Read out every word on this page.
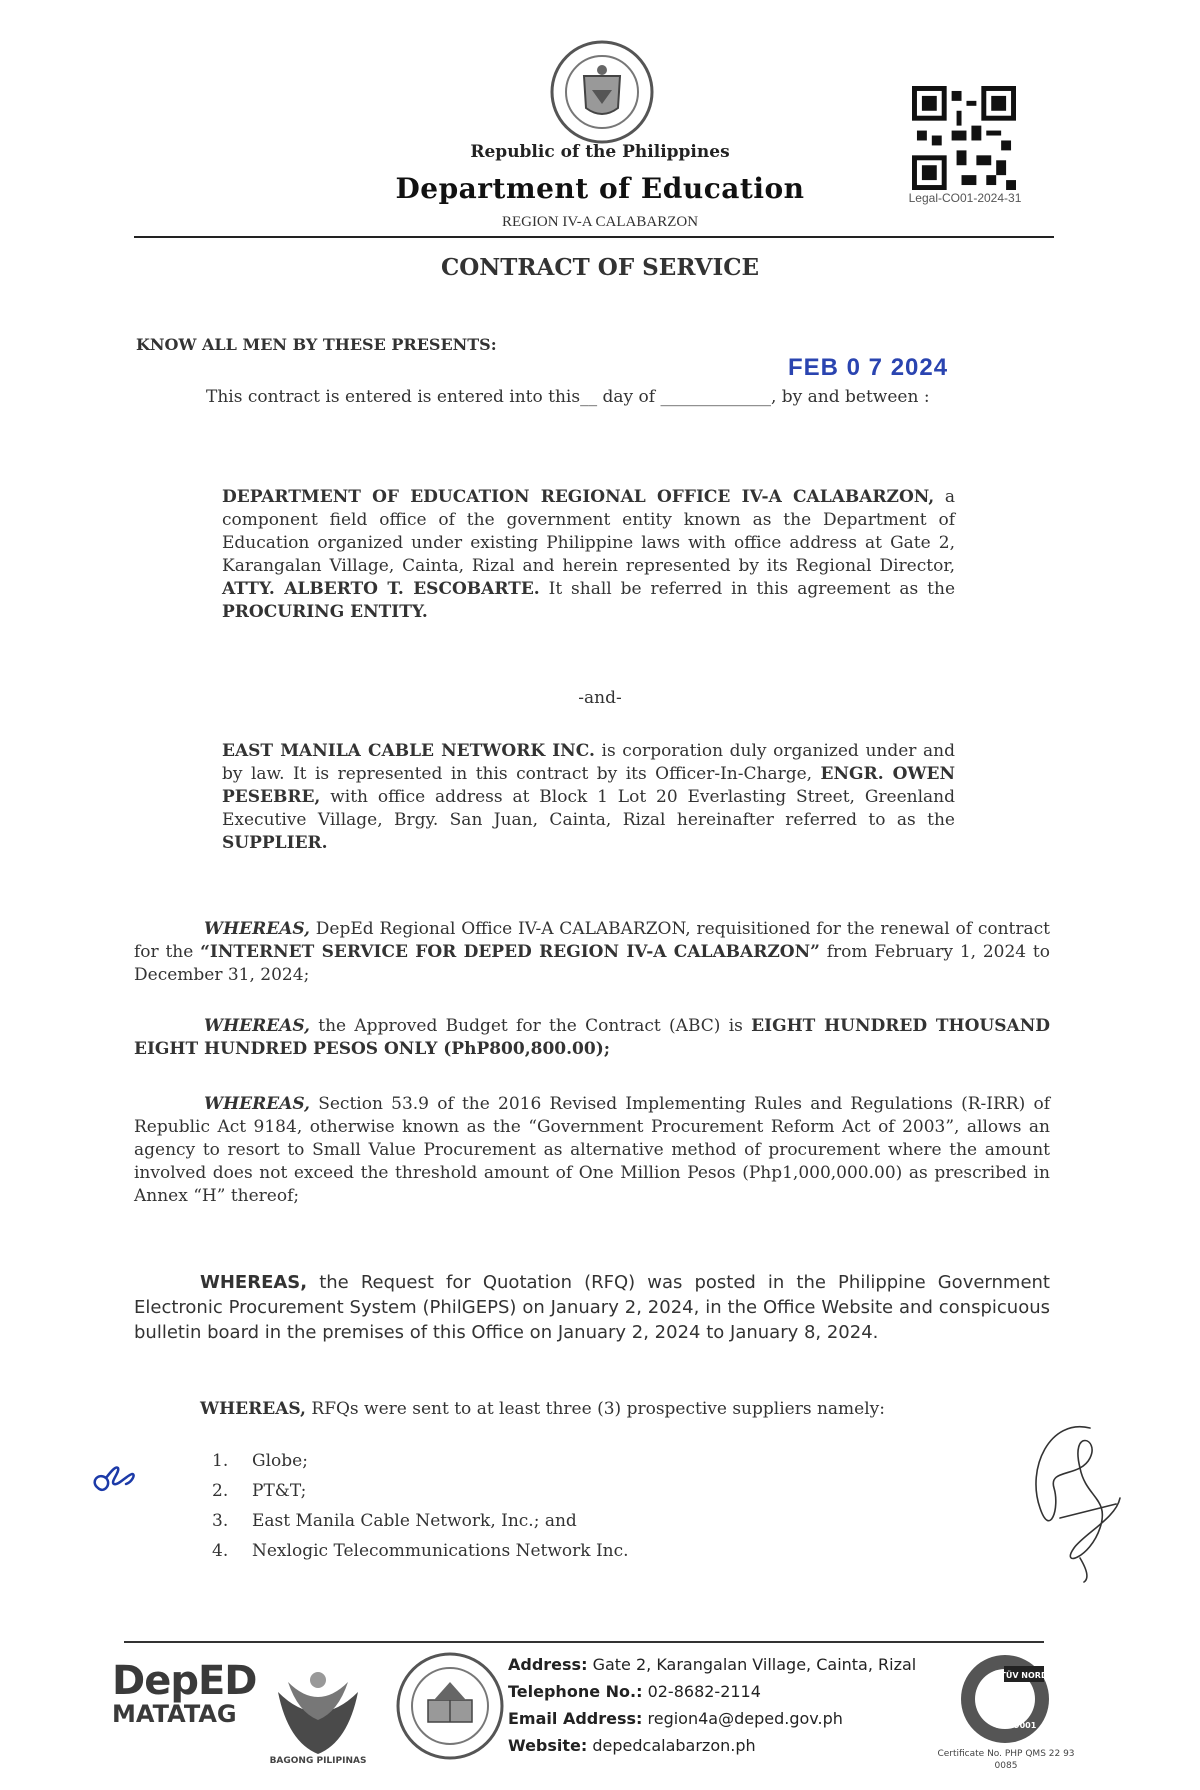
Legal-CO01-2024-31
Republic of the Philippines
Department of Education
REGION IV-A CALABARZON
CONTRACT OF SERVICE
KNOW ALL MEN BY THESE PRESENTS:
FEB 0 7 2024
This contract is entered is entered into this__ day of _____________, by and between :
DEPARTMENT OF EDUCATION REGIONAL OFFICE IV-A CALABARZON, a component field office of the government entity known as the Department of Education organized under existing Philippine laws with office address at Gate 2, Karangalan Village, Cainta, Rizal and herein represented by its Regional Director, ATTY. ALBERTO T. ESCOBARTE. It shall be referred in this agreement as the PROCURING ENTITY.
-and-
EAST MANILA CABLE NETWORK INC. is corporation duly organized under and by law. It is represented in this contract by its Officer-In-Charge, ENGR. OWEN PESEBRE, with office address at Block 1 Lot 20 Everlasting Street, Greenland Executive Village, Brgy. San Juan, Cainta, Rizal hereinafter referred to as the SUPPLIER.
WHEREAS, DepEd Regional Office IV-A CALABARZON, requisitioned for the renewal of contract for the “INTERNET SERVICE FOR DEPED REGION IV-A CALABARZON” from February 1, 2024 to December 31, 2024;
WHEREAS, the Approved Budget for the Contract (ABC) is EIGHT HUNDRED THOUSAND EIGHT HUNDRED PESOS ONLY (PhP800,800.00);
WHEREAS, Section 53.9 of the 2016 Revised Implementing Rules and Regulations (R-IRR) of Republic Act 9184, otherwise known as the “Government Procurement Reform Act of 2003”, allows an agency to resort to Small Value Procurement as alternative method of procurement where the amount involved does not exceed the threshold amount of One Million Pesos (Php1,000,000.00) as prescribed in Annex “H” thereof;
WHEREAS, the Request for Quotation (RFQ) was posted in the Philippine Government Electronic Procurement System (PhilGEPS) on January 2, 2024, in the Office Website and conspicuous bulletin board in the premises of this Office on January 2, 2024 to January 8, 2024.
WHEREAS, RFQs were sent to at least three (3) prospective suppliers namely:
1. Globe;
2. PT&T;
3. East Manila Cable Network, Inc.; and
4. Nexlogic Telecommunications Network Inc.
DepED
MATATAG
BAGONG PILIPINAS
Address: Gate 2, Karangalan Village, Cainta, Rizal
Telephone No.: 02-8682-2114
Email Address: region4a@deped.gov.ph
Website: depedcalabarzon.ph
TÜV NORD
ISO 9001
Certificate No. PHP QMS 22 93 0085
